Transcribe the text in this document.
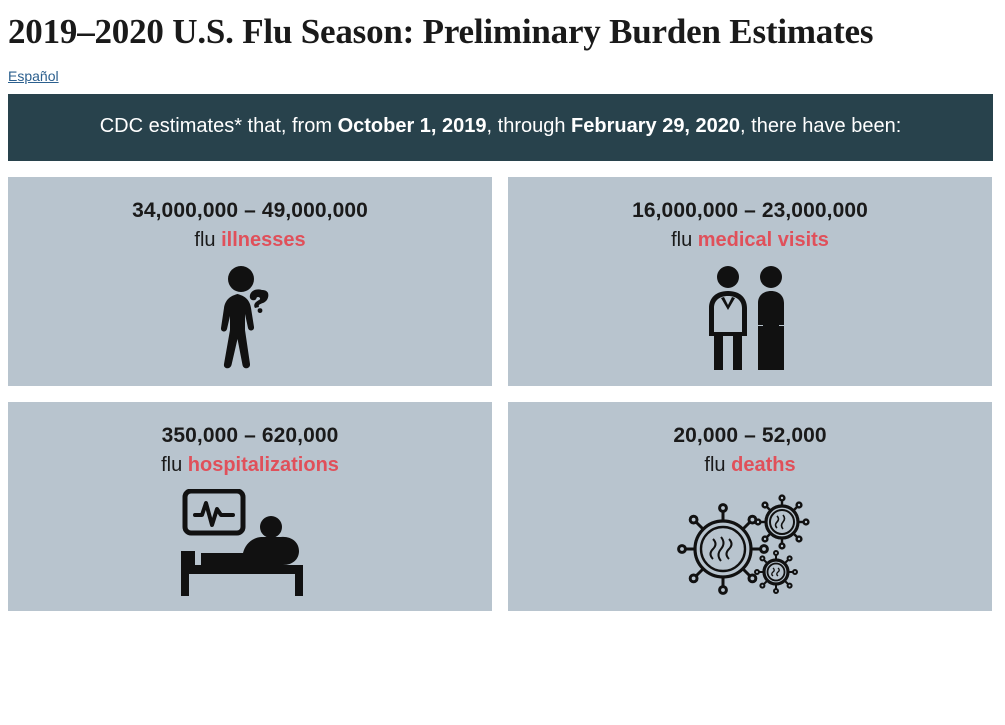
2019–2020 U.S. Flu Season: Preliminary Burden Estimates
Español
CDC estimates* that, from October 1, 2019, through February 29, 2020, there have been:
34,000,000 – 49,000,000
flu illnesses
16,000,000 – 23,000,000
flu medical visits
350,000 – 620,000
flu hospitalizations
20,000 – 52,000
flu deaths
